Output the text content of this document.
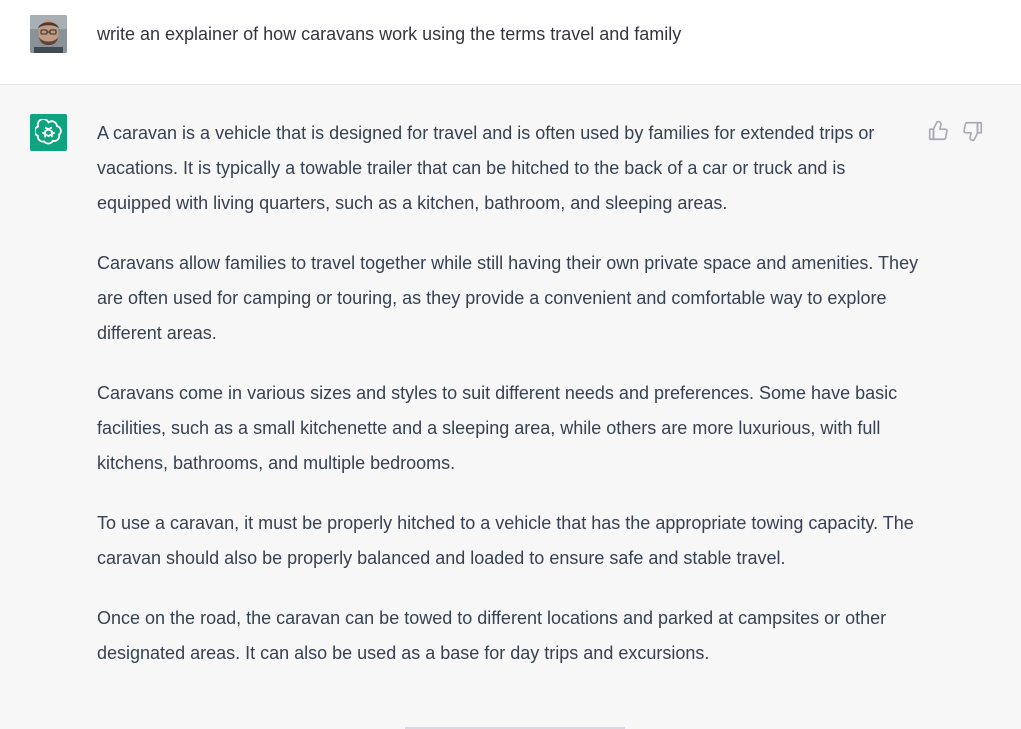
write an explainer of how caravans work using the terms travel and family

A caravan is a vehicle that is designed for travel and is often used by families for extended trips or vacations. It is typically a towable trailer that can be hitched to the back of a car or truck and is equipped with living quarters, such as a kitchen, bathroom, and sleeping areas.

Caravans allow families to travel together while still having their own private space and amenities. They are often used for camping or touring, as they provide a convenient and comfortable way to explore different areas.

Caravans come in various sizes and styles to suit different needs and preferences. Some have basic facilities, such as a small kitchenette and a sleeping area, while others are more luxurious, with full kitchens, bathrooms, and multiple bedrooms.

To use a caravan, it must be properly hitched to a vehicle that has the appropriate towing capacity. The caravan should also be properly balanced and loaded to ensure safe and stable travel.

Once on the road, the caravan can be towed to different locations and parked at campsites or other designated areas. It can also be used as a base for day trips and excursions.
